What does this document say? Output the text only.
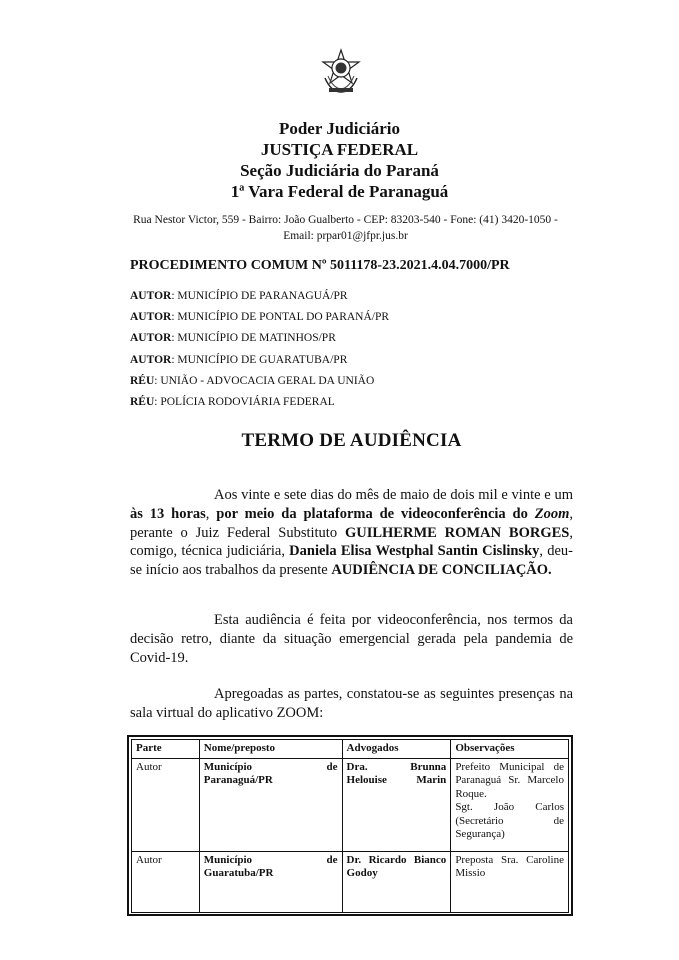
Poder Judiciário
JUSTIÇA FEDERAL
Seção Judiciária do Paraná
1ª Vara Federal de Paranaguá
Rua Nestor Victor, 559 - Bairro: João Gualberto - CEP: 83203-540 - Fone: (41) 3420-1050 -
Email: prpar01@jfpr.jus.br
PROCEDIMENTO COMUM Nº 5011178-23.2021.4.04.7000/PR
AUTOR: MUNICÍPIO DE PARANAGUÁ/PR
AUTOR: MUNICÍPIO DE PONTAL DO PARANÁ/PR
AUTOR: MUNICÍPIO DE MATINHOS/PR
AUTOR: MUNICÍPIO DE GUARATUBA/PR
RÉU: UNIÃO - ADVOCACIA GERAL DA UNIÃO
RÉU: POLÍCIA RODOVIÁRIA FEDERAL
TERMO DE AUDIÊNCIA
Aos vinte e sete dias do mês de maio de dois mil e vinte e um às 13 horas, por meio da plataforma de videoconferência do Zoom, perante o Juiz Federal Substituto GUILHERME ROMAN BORGES, comigo, técnica judiciária, Daniela Elisa Westphal Santin Cislinsky, deu-se início aos trabalhos da presente AUDIÊNCIA DE CONCILIAÇÃO.
Esta audiência é feita por videoconferência, nos termos da decisão retro, diante da situação emergencial gerada pela pandemia de Covid-19.
Apregoadas as partes, constatou-se as seguintes presenças na sala virtual do aplicativo ZOOM:
Parte	Nome/preposto	Advogados	Observações
Autor	Município de Paranaguá/PR	Dra. Brunna Helouise Marin	Prefeito Municipal de Paranaguá Sr. Marcelo Roque.
Sgt. João Carlos (Secretário de Segurança)

Autor	Município de Guaratuba/PR	Dr. Ricardo Bianco Godoy	Preposta Sra. Caroline Missio
